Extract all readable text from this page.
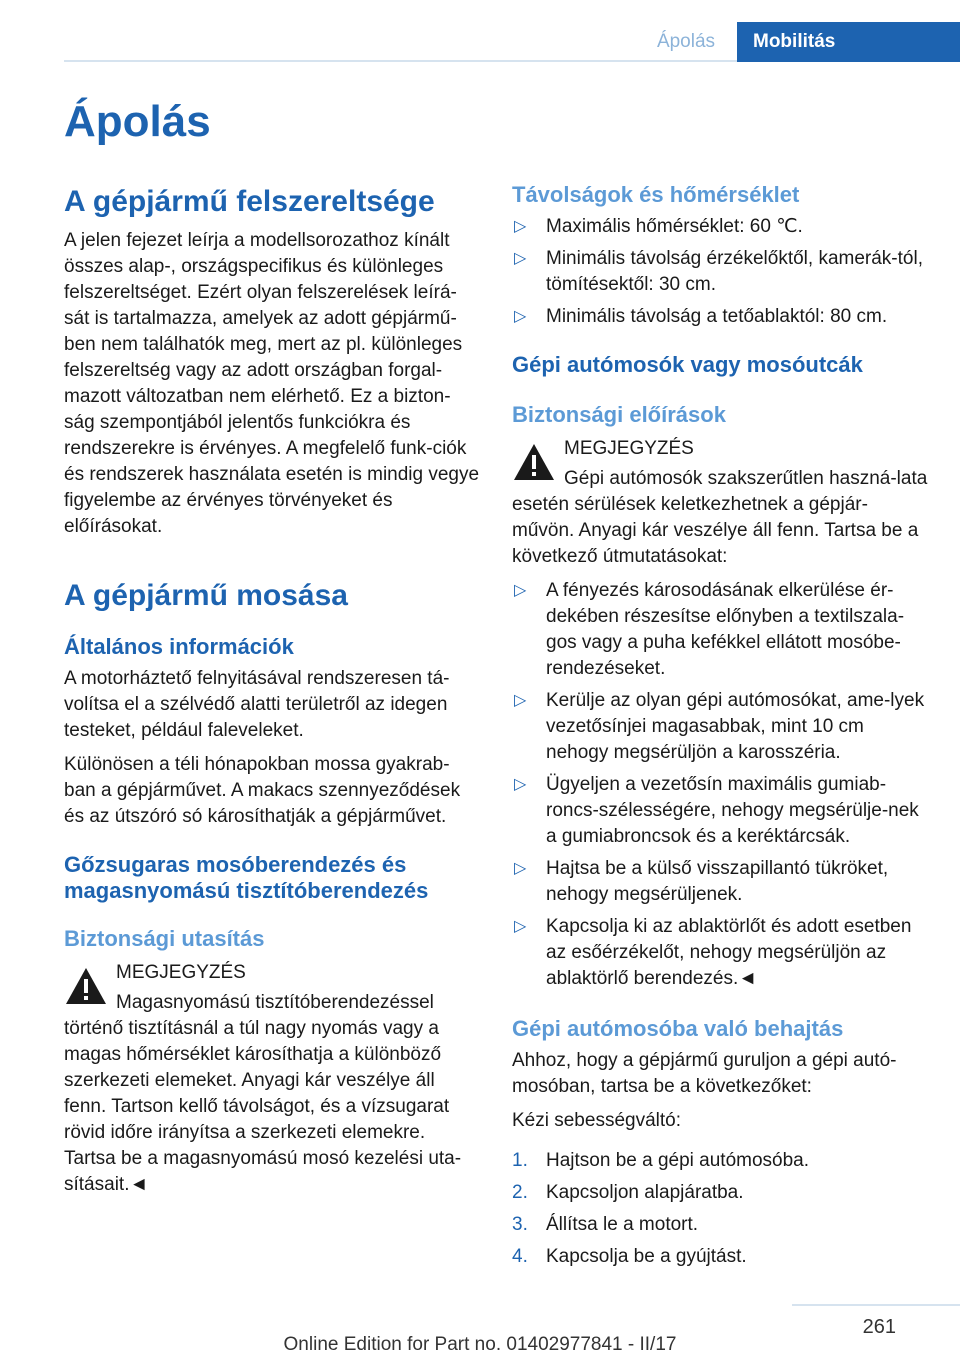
Ápolás	Mobilitás
Ápolás
A gépjármű felszereltsége

A jelen fejezet leírja a modellsorozathoz kínált összes alap-, országspecifikus és különleges felszereltséget. Ezért olyan felszerelések leírá-sát is tartalmazza, amelyek az adott gépjármű-ben nem találhatók meg, mert az pl. különleges felszereltség vagy az adott országban forgal-mazott változatban nem elérhető. Ez a bizton-ság szempontjából jelentős funkciókra és rendszerekre is érvényes. A megfelelő funk-ciók és rendszerek használata esetén is mindig vegye figyelembe az érvényes törvényeket és előírásokat.

A gépjármű mosása
Általános információk

A motorháztető felnyitásával rendszeresen tá-volítsa el a szélvédő alatti területről az idegen testeket, például faleveleket.

Különösen a téli hónapokban mossa gyakrab-ban a gépjárművet. A makacs szennyeződések és az útszóró só károsíthatják a gépjárművet.

Gőzsugaras mosóberendezés és magasnyomású tisztítóberendezés
Biztonsági utasítás
MEGJEGYZÉS

Magasnyomású tisztítóberendezéssel történő tisztításnál a túl nagy nyomás vagy a magas hőmérséklet károsíthatja a különböző szerkezeti elemeket. Anyagi kár veszélye áll fenn. Tartson kellő távolságot, és a vízsugarat rövid időre irányítsa a szerkezeti elemekre. Tartsa be a magasnyomású mosó kezelési uta-sításait.◄

Távolságok és hőmérséklet
▷ Maximális hőmérséklet: 60 ℃.
▷ Minimális távolság érzékelőktől, kamerák-tól, tömítésektől: 30 cm.
▷ Minimális távolság a tetőablaktól: 80 cm.
Gépi autómosók vagy mosóutcák
Biztonsági előírások
MEGJEGYZÉS

Gépi autómosók szakszerűtlen haszná-lata esetén sérülések keletkezhetnek a gépjár-művön. Anyagi kár veszélye áll fenn. Tartsa be a következő útmutatásokat:

▷ A fényezés károsodásának elkerülése ér-dekében részesítse előnyben a textilszala-gos vagy a puha kefékkel ellátott mosóbe-rendezéseket.
▷ Kerülje az olyan gépi autómosókat, ame-lyek vezetősínjei magasabbak, mint 10 cm nehogy megsérüljön a karosszéria.
▷ Ügyeljen a vezetősín maximális gumiab-roncs-szélességére, nehogy megsérülje-nek a gumiabroncsok és a keréktárcsák.
▷ Hajtsa be a külső visszapillantó tükröket, nehogy megsérüljenek.
▷ Kapcsolja ki az ablaktörlőt és adott esetben az esőérzékelőt, nehogy megsérüljön az ablaktörlő berendezés.◄
Gépi autómosóba való behajtás

Ahhoz, hogy a gépjármű guruljon a gépi autó-mosóban, tartsa be a következőket:

Kézi sebességváltó:

1. Hajtson be a gépi autómosóba.
2. Kapcsoljon alapjáratba.
3. Állítsa le a motort.
4. Kapcsolja be a gyújtást.
261
Online Edition for Part no. 01402977841 - II/17
